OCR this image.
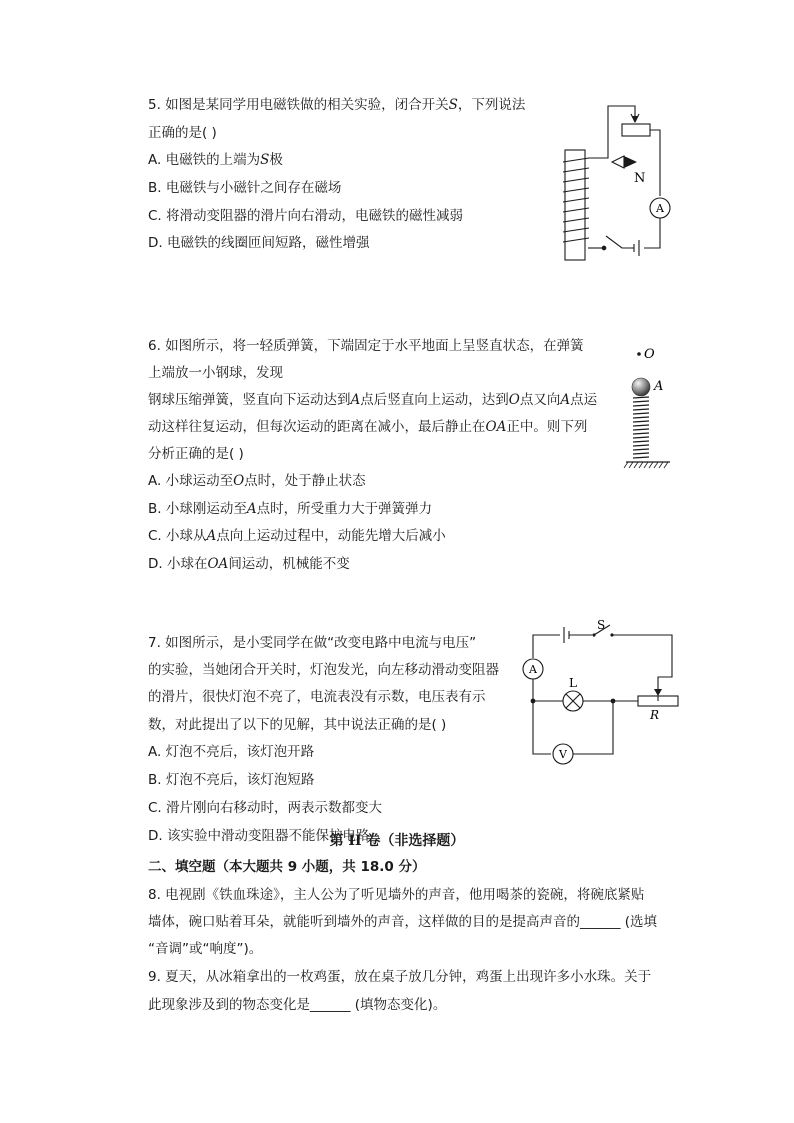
5. 如图是某同学用电磁铁做的相关实验，闭合开关S，下列说法
正确的是( )
A. 电磁铁的上端为S极
B. 电磁铁与小磁针之间存在磁场
C. 将滑动变阻器的滑片向右滑动，电磁铁的磁性减弱
D. 电磁铁的线圈匝间短路，磁性增强
N
A
6. 如图所示，将一轻质弹簧，下端固定于水平地面上呈竖直状态，在弹簧
上端放一小钢球，发现
钢球压缩弹簧，竖直向下运动达到A点后竖直向上运动，达到O点又向A点运
动这样往复运动，但每次运动的距离在减小，最后静止在OA正中。则下列
分析正确的是( )
A. 小球运动至O点时，处于静止状态
B. 小球刚运动至A点时，所受重力大于弹簧弹力
C. 小球从A点向上运动过程中，动能先增大后减小
D. 小球在OA间运动，机械能不变
O
A
7. 如图所示，是小雯同学在做“改变电路中电流与电压”
的实验，当她闭合开关时，灯泡发光，向左移动滑动变阻器
的滑片，很快灯泡不亮了，电流表没有示数，电压表有示
数，对此提出了以下的见解，其中说法正确的是( )
A. 灯泡不亮后，该灯泡开路
B. 灯泡不亮后，该灯泡短路
C. 滑片刚向右移动时，两表示数都变大
D. 该实验中滑动变阻器不能保护电路
S
L
R
A
V
第 II 卷（非选择题）
二、填空题（本大题共 9 小题，共 18.0 分）
8. 电视剧《铁血珠途》，主人公为了听见墙外的声音，他用喝茶的瓷碗，将碗底紧贴
墙体，碗口贴着耳朵，就能听到墙外的声音，这样做的目的是提高声音的______ (选填
“音调”或“响度”)。
9. 夏天，从冰箱拿出的一枚鸡蛋，放在桌子放几分钟，鸡蛋上出现许多小水珠。关于
此现象涉及到的物态变化是______ (填物态变化)。
